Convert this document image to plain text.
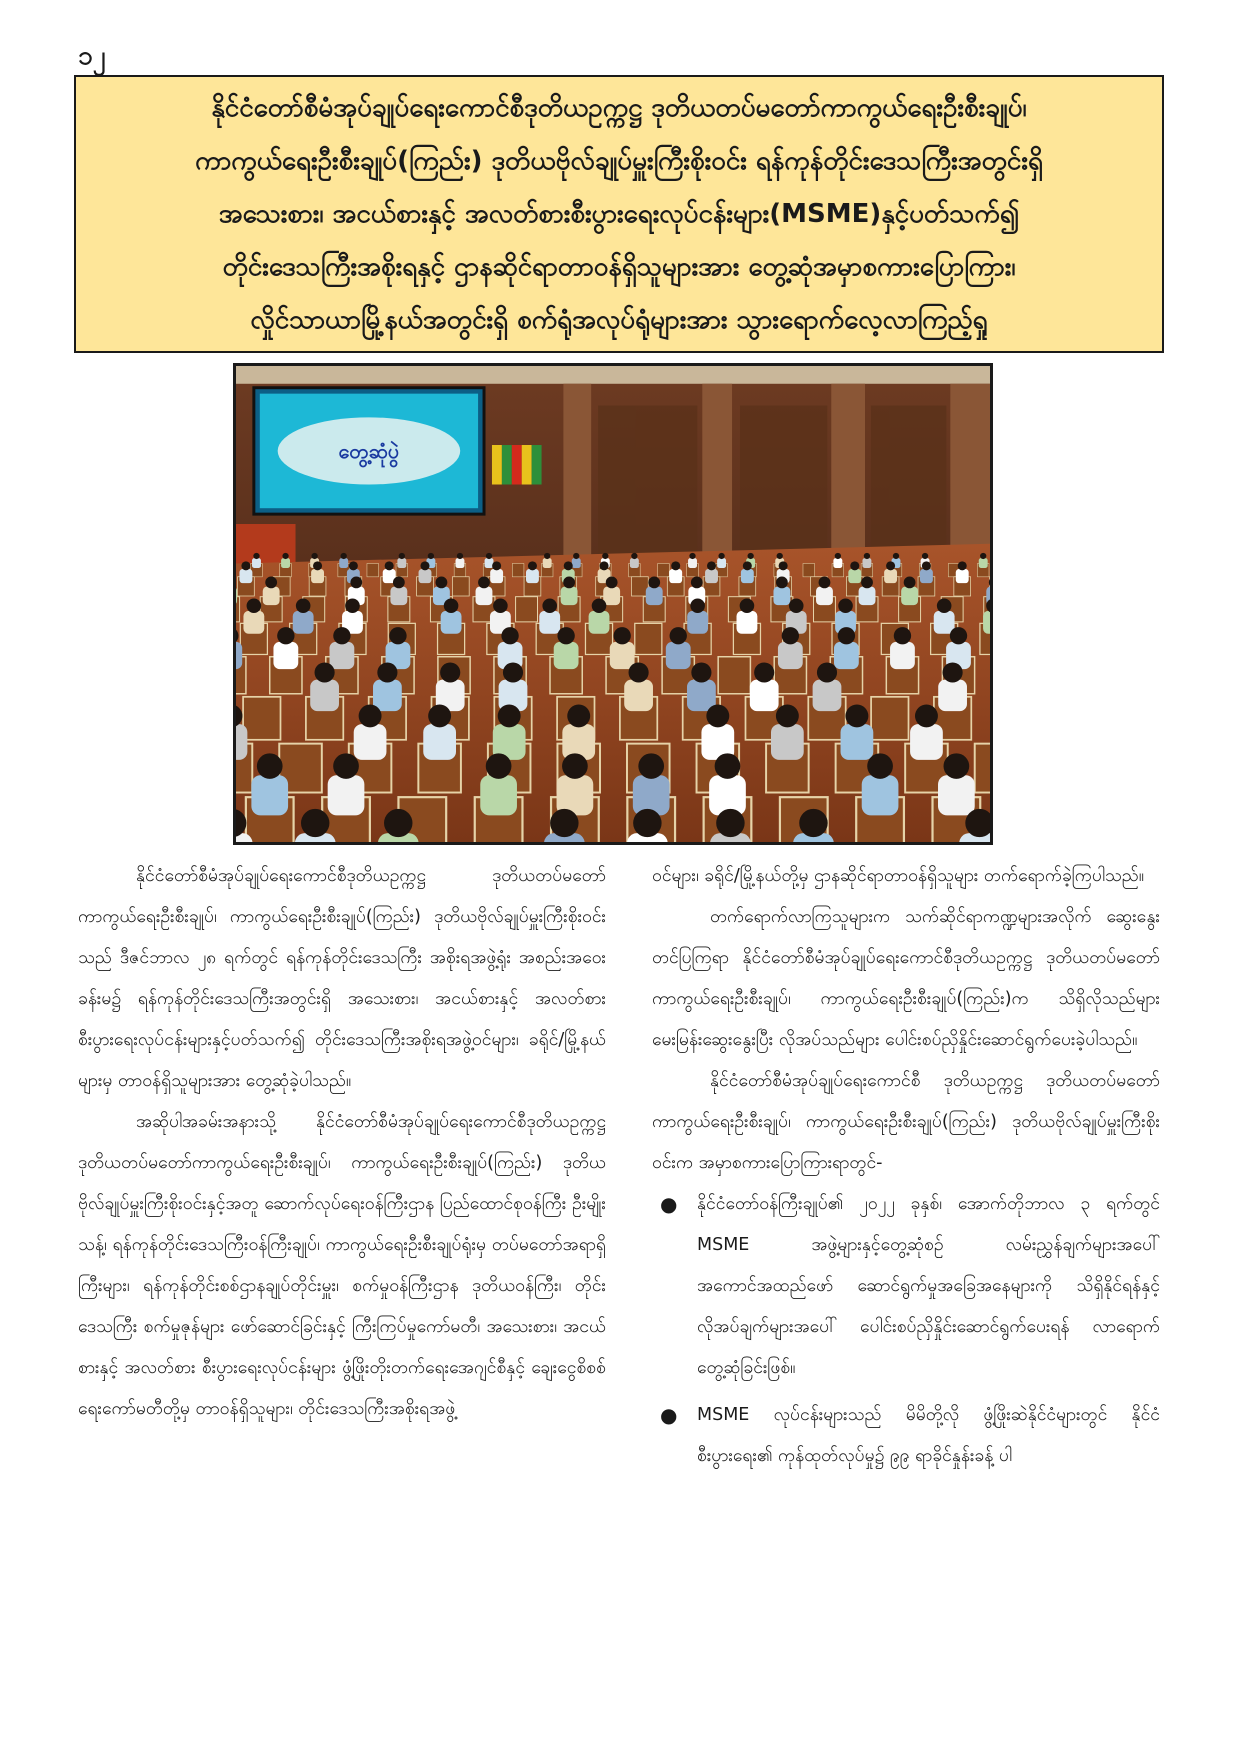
၁၂
နိုင်ငံတော်စီမံအုပ်ချုပ်ရေးကောင်စီဒုတိယဥက္ကဋ္ဌ ဒုတိယတပ်မတော်ကာကွယ်ရေးဦးစီးချုပ်၊
ကာကွယ်ရေးဦးစီးချုပ်(ကြည်း) ဒုတိယဗိုလ်ချုပ်မှူးကြီးစိုးဝင်း ရန်ကုန်တိုင်းဒေသကြီးအတွင်းရှိ
အသေးစား၊ အငယ်စားနှင့် အလတ်စားစီးပွားရေးလုပ်ငန်းများ(MSME)နှင့်ပတ်သက်၍
တိုင်းဒေသကြီးအစိုးရနှင့် ဌာနဆိုင်ရာတာဝန်ရှိသူများအား တွေ့ဆုံအမှာစကားပြောကြား၊
လှိုင်သာယာမြို့နယ်အတွင်းရှိ စက်ရုံအလုပ်ရုံများအား သွားရောက်လေ့လာကြည့်ရှု
တွေ့ဆုံပွဲ

နိုင်ငံတော်စီမံအုပ်ချုပ်ရေးကောင်စီဒုတိယဥက္ကဋ္ဌ ဒုတိယတပ်မတော်ကာကွယ်ရေးဦးစီးချုပ်၊ ကာကွယ်ရေးဦးစီးချုပ်(ကြည်း) ဒုတိယဗိုလ်ချုပ်မှူးကြီးစိုးဝင်းသည် ဒီဇင်ဘာလ ၂၈ ရက်တွင် ရန်ကုန်တိုင်းဒေသကြီး အစိုးရအဖွဲ့ရုံး အစည်းအဝေးခန်းမ၌ ရန်ကုန်တိုင်းဒေသကြီးအတွင်းရှိ အသေးစား၊ အငယ်စားနှင့် အလတ်စား စီးပွားရေးလုပ်ငန်းများနှင့်ပတ်သက်၍ တိုင်းဒေသကြီးအစိုးရအဖွဲ့ဝင်များ၊ ခရိုင်/မြို့နယ်များမှ တာဝန်ရှိသူများအား တွေ့ဆုံခဲ့ပါသည်။

အဆိုပါအခမ်းအနားသို့ နိုင်ငံတော်စီမံအုပ်ချုပ်ရေးကောင်စီဒုတိယဥက္ကဋ္ဌ ဒုတိယတပ်မတော်ကာကွယ်ရေးဦးစီးချုပ်၊ ကာကွယ်ရေးဦးစီးချုပ်(ကြည်း) ဒုတိယဗိုလ်ချုပ်မှူးကြီးစိုးဝင်းနှင့်အတူ ဆောက်လုပ်ရေးဝန်ကြီးဌာန ပြည်ထောင်စုဝန်ကြီး ဦးမျိုးသန့်၊ ရန်ကုန်တိုင်းဒေသကြီးဝန်ကြီးချုပ်၊ ကာကွယ်ရေးဦးစီးချုပ်ရုံးမှ တပ်မတော်အရာရှိကြီးများ၊ ရန်ကုန်တိုင်းစစ်ဌာနချုပ်တိုင်းမှူး၊ စက်မှုဝန်ကြီးဌာန ဒုတိယဝန်ကြီး၊ တိုင်းဒေသကြီး စက်မှုဇုန်များ ဖော်ဆောင်ခြင်းနှင့် ကြီးကြပ်မှုကော်မတီ၊ အသေးစား၊ အငယ်စားနှင့် အလတ်စား စီးပွားရေးလုပ်ငန်းများ ဖွံ့ဖြိုးတိုးတက်ရေးအေဂျင်စီနှင့် ချေးငွေစိစစ်ရေးကော်မတီတို့မှ တာဝန်ရှိသူများ၊ တိုင်းဒေသကြီးအစိုးရအဖွဲ့

ဝင်များ၊ ခရိုင်/မြို့နယ်တို့မှ ဌာနဆိုင်ရာတာဝန်ရှိသူများ တက်ရောက်ခဲ့ကြပါသည်။

တက်ရောက်လာကြသူများက သက်ဆိုင်ရာကဏ္ဍများအလိုက် ဆွေးနွေးတင်ပြကြရာ နိုင်ငံတော်စီမံအုပ်ချုပ်ရေးကောင်စီဒုတိယဥက္ကဋ္ဌ ဒုတိယတပ်မတော်ကာကွယ်ရေးဦးစီးချုပ်၊ ကာကွယ်ရေးဦးစီးချုပ်(ကြည်း)က သိရှိလိုသည်များ မေးမြန်းဆွေးနွေးပြီး လိုအပ်သည်များ ပေါင်းစပ်ညှိနှိုင်းဆောင်ရွက်ပေးခဲ့ပါသည်။

နိုင်ငံတော်စီမံအုပ်ချုပ်ရေးကောင်စီ ဒုတိယဥက္ကဋ္ဌ ဒုတိယတပ်မတော်ကာကွယ်ရေးဦးစီးချုပ်၊ ကာကွယ်ရေးဦးစီးချုပ်(ကြည်း) ဒုတိယဗိုလ်ချုပ်မှူးကြီးစိုးဝင်းက အမှာစကားပြောကြားရာတွင်-

● နိုင်ငံတော်ဝန်ကြီးချုပ်၏ ၂၀၂၂ ခုနှစ်၊ အောက်တိုဘာလ ၃ ရက်တွင် MSME အဖွဲ့များနှင့်တွေ့ဆုံစဉ် လမ်းညွှန်ချက်များအပေါ် အကောင်အထည်ဖော် ဆောင်ရွက်မှုအခြေအနေများကို သိရှိနိုင်ရန်နှင့် လိုအပ်ချက်များအပေါ် ပေါင်းစပ်ညှိနှိုင်းဆောင်ရွက်ပေးရန် လာရောက်တွေ့ဆုံခြင်းဖြစ်။
● MSME လုပ်ငန်းများသည် မိမိတို့လို ဖွံ့ဖြိုးဆဲနိုင်ငံများတွင် နိုင်ငံစီးပွားရေး၏ ကုန်ထုတ်လုပ်မှု၌ ၉၉ ရာခိုင်နှုန်းခန့် ပါ
